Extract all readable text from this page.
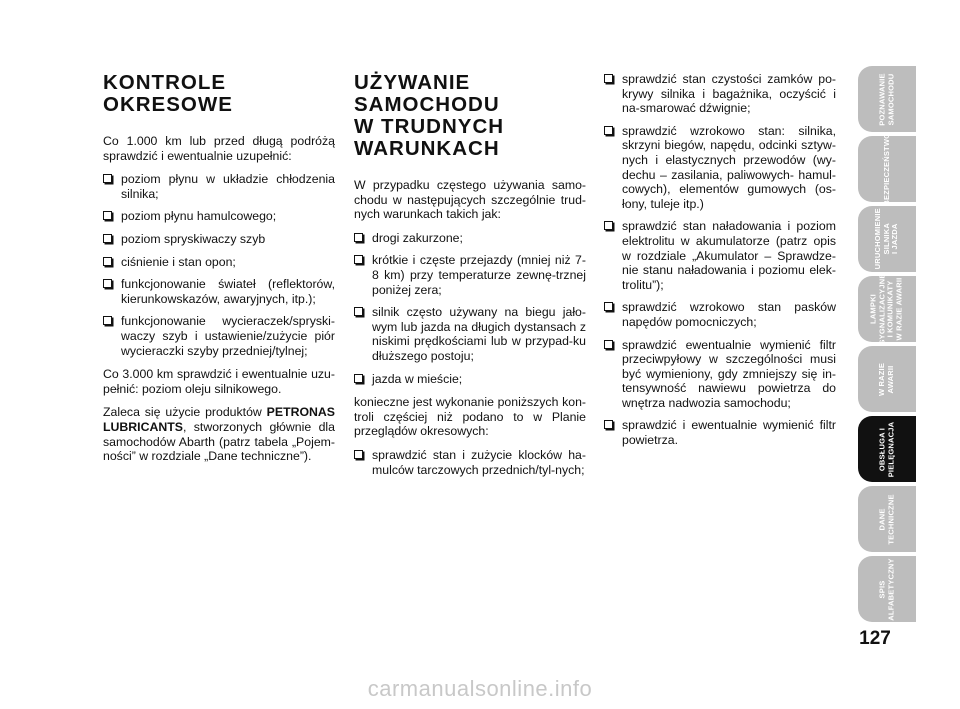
KONTROLE
OKRESOWE

Co 1.000 km lub przed długą podróżą sprawdzić i ewentualnie uzupełnić:

poziom płynu w układzie chłodzenia silnika;
poziom płynu hamulcowego;
poziom spryskiwaczy szyb
ciśnienie i stan opon;
funkcjonowanie świateł (reflektorów, kierunkowskazów, awaryjnych, itp.);
funkcjonowanie wycieraczek/spryski-waczy szyb i ustawienie/zużycie piór wycieraczki szyby przedniej/tylnej;

Co 3.000 km sprawdzić i ewentualnie uzu-pełnić: poziom oleju silnikowego.

Zaleca się użycie produktów PETRONAS LUBRICANTS, stworzonych głównie dla samochodów Abarth (patrz tabela „Pojem-ności” w rozdziale „Dane techniczne”).

UŻYWANIE
SAMOCHODU
W TRUDNYCH
WARUNKACH

W przypadku częstego używania samo-chodu w następujących szczególnie trud-nych warunkach takich jak:

drogi zakurzone;
krótkie i częste przejazdy (mniej niż 7-8 km) przy temperaturze zewnę-trznej poniżej zera;
silnik często używany na biegu jało-wym lub jazda na długich dystansach z niskimi prędkościami lub w przypad-ku dłuższego postoju;
jazda w mieście;

konieczne jest wykonanie poniższych kon-troli częściej niż podano to w Planie przeglądów okresowych:

sprawdzić stan i zużycie klocków ha-mulców tarczowych przednich/tyl-nych;
sprawdzić stan czystości zamków po-krywy silnika i bagażnika, oczyścić i na-smarować dźwignie;
sprawdzić wzrokowo stan: silnika, skrzyni biegów, napędu, odcinki sztyw-nych i elastycznych przewodów (wy-dechu – zasilania, paliwowych- hamul-cowych), elementów gumowych (os-łony, tuleje itp.)
sprawdzić stan naładowania i poziom elektrolitu w akumulatorze (patrz opis w rozdziale „Akumulator – Sprawdze-nie stanu naładowania i poziomu elek-trolitu”);
sprawdzić wzrokowo stan pasków napędów pomocniczych;
sprawdzić ewentualnie wymienić filtr przeciwpyłowy w szczególności musi być wymieniony, gdy zmniejszy się in-tensywność nawiewu powietrza do wnętrza nadwozia samochodu;
sprawdzić i ewentualnie wymienić filtr powietrza.
POZNAWANIE
SAMOCHODU
BEZPIECZEŃSTWO
URUCHOMIENIE
SILNIKA
I JAZDA
LAMPKI
SYGNALIZACYJNE
I KOMUNIKATY
W RAZIE AWARII
W RAZIE
AWARII
OBSŁUGA I
PIELĘGNACJA
DANE
TECHNICZNE
SPIS
ALFABETYCZNY
127
carmanualsonline.info
